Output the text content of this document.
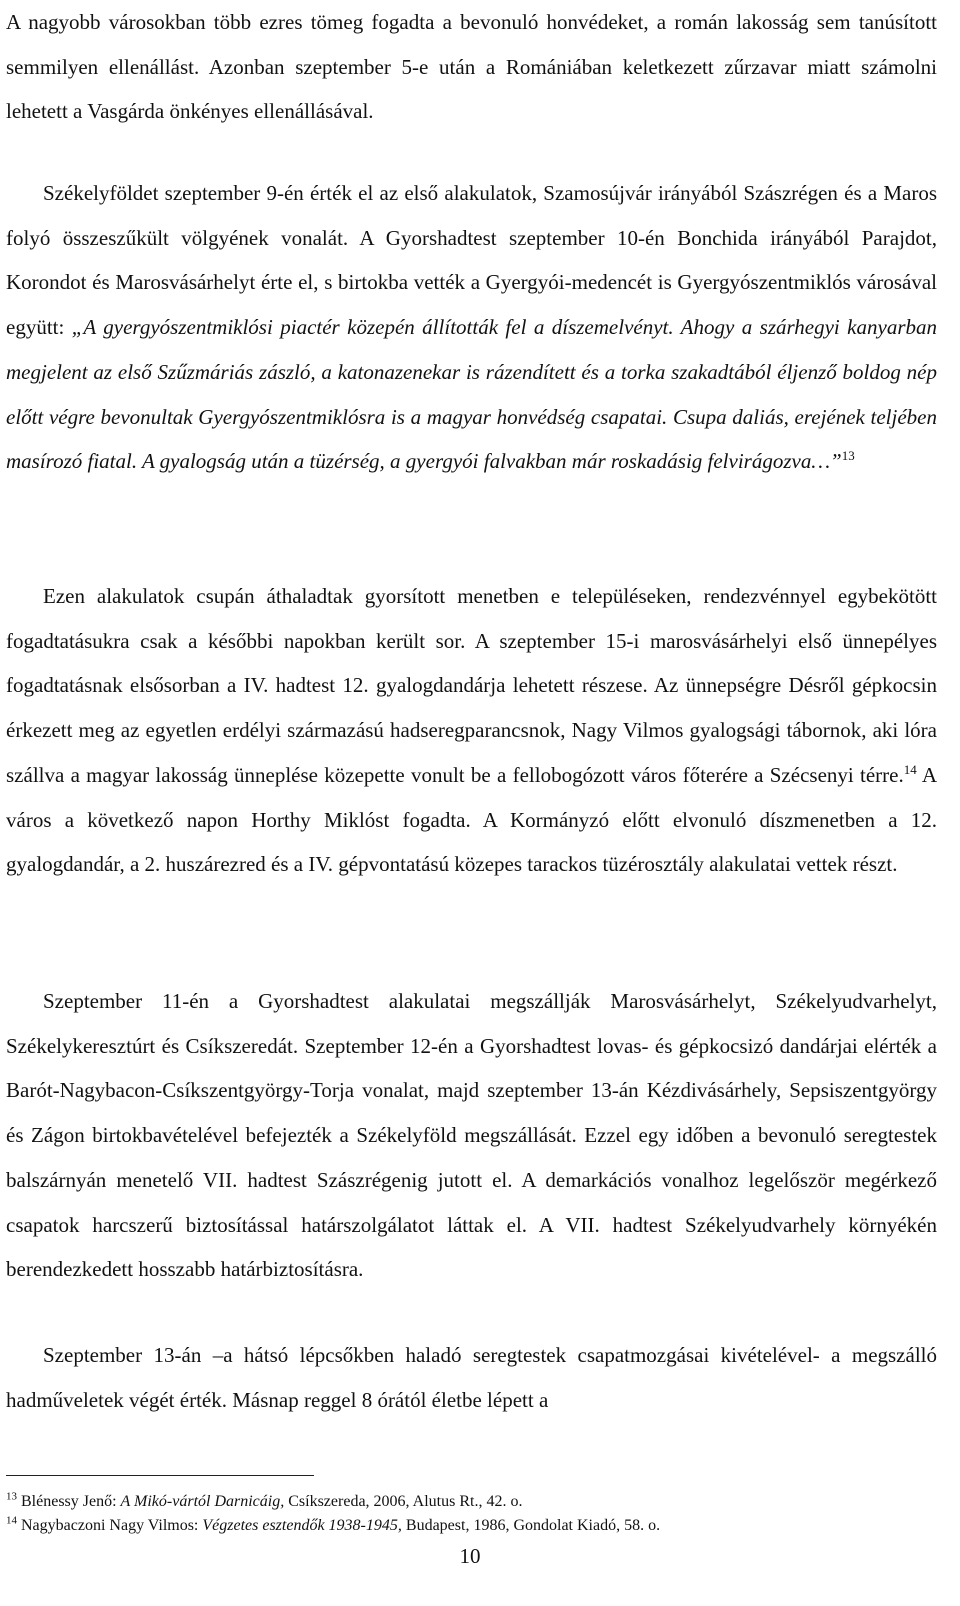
A nagyobb városokban több ezres tömeg fogadta a bevonuló honvédeket, a román lakosság sem tanúsított semmilyen ellenállást. Azonban szeptember 5-e után a Romániában keletkezett zűrzavar miatt számolni lehetett a Vasgárda önkényes ellenállásával.

Székelyföldet szeptember 9-én érték el az első alakulatok, Szamosújvár irányából Szászrégen és a Maros folyó összeszűkült völgyének vonalát. A Gyorshadtest szeptember 10-én Bonchida irányából Parajdot, Korondot és Marosvásárhelyt érte el, s birtokba vették a Gyergyói-medencét is Gyergyószentmiklós városával együtt: „A gyergyószentmiklósi piactér közepén állították fel a díszemelvényt. Ahogy a szárhegyi kanyarban megjelent az első Szűzmáriás zászló, a katonazenekar is rázendített és a torka szakadtából éljenző boldog nép előtt végre bevonultak Gyergyószentmiklósra is a magyar honvédség csapatai. Csupa daliás, erejének teljében masírozó fiatal. A gyalogság után a tüzérség, a gyergyói falvakban már roskadásig felvirágozva…”$^{13}$

Ezen alakulatok csupán áthaladtak gyorsított menetben e településeken, rendezvénnyel egybekötött fogadtatásukra csak a későbbi napokban került sor. A szeptember 15-i marosvásárhelyi első ünnepélyes fogadtatásnak elsősorban a IV. hadtest 12. gyalogdandárja lehetett részese. Az ünnepségre Désről gépkocsin érkezett meg az egyetlen erdélyi származású hadseregparancsnok, Nagy Vilmos gyalogsági tábornok, aki lóra szállva a magyar lakosság ünneplése közepette vonult be a fellobogózott város főterére a Szécsenyi térre.$^{14}$ A város a következő napon Horthy Miklóst fogadta. A Kormányzó előtt elvonuló díszmenetben a 12. gyalogdandár, a 2. huszárezred és a IV. gépvontatású közepes tarackos tüzérosztály alakulatai vettek részt.

Szeptember 11-én a Gyorshadtest alakulatai megszállják Marosvásárhelyt, Székelyudvarhelyt, Székelykeresztúrt és Csíkszeredát. Szeptember 12-én a Gyorshadtest lovas- és gépkocsizó dandárjai elérték a Barót-Nagybacon-Csíkszentgyörgy-Torja vonalat, majd szeptember 13-án Kézdivásárhely, Sepsiszentgyörgy és Zágon birtokbavételével befejezték a Székelyföld megszállását. Ezzel egy időben a bevonuló seregtestek balszárnyán menetelő VII. hadtest Szászrégenig jutott el. A demarkációs vonalhoz legelőször megérkező csapatok harcszerű biztosítással határszolgálatot láttak el. A VII. hadtest Székelyudvarhely környékén berendezkedett hosszabb határbiztosításra.

Szeptember 13-án –a hátsó lépcsőkben haladó seregtestek csapatmozgásai kivételével- a megszálló hadműveletek végét érték. Másnap reggel 8 órától életbe lépett a

$^{13}$ Blénessy Jenő: A Mikó-vártól Darnicáig, Csíkszereda, 2006, Alutus Rt., 42. o.

$^{14}$ Nagybaczoni Nagy Vilmos: Végzetes esztendők 1938-1945, Budapest, 1986, Gondolat Kiadó, 58. o.

10
